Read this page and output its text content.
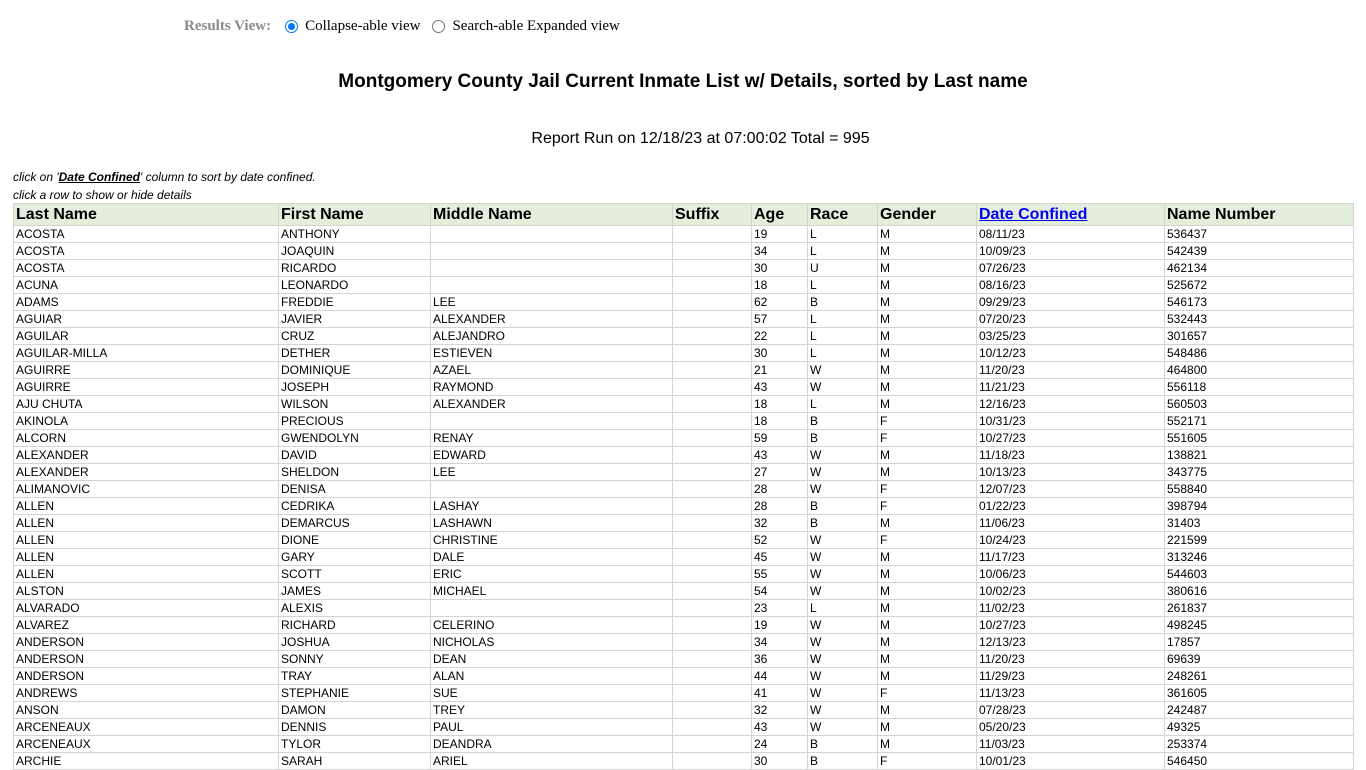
Results View: Collapse-able view Search-able Expanded view
Montgomery County Jail Current Inmate List w/ Details, sorted by Last name
Report Run on 12/18/23 at 07:00:02 Total = 995
click on 'Date Confined' column to sort by date confined.
click a row to show or hide details
Last Name	First Name	Middle Name	Suffix	Age	Race	Gender	Date Confined	Name Number
ACOSTA	ANTHONY			19	L	M	08/11/23	536437
ACOSTA	JOAQUIN			34	L	M	10/09/23	542439
ACOSTA	RICARDO			30	U	M	07/26/23	462134
ACUNA	LEONARDO			18	L	M	08/16/23	525672
ADAMS	FREDDIE	LEE		62	B	M	09/29/23	546173
AGUIAR	JAVIER	ALEXANDER		57	L	M	07/20/23	532443
AGUILAR	CRUZ	ALEJANDRO		22	L	M	03/25/23	301657
AGUILAR-MILLA	DETHER	ESTIEVEN		30	L	M	10/12/23	548486
AGUIRRE	DOMINIQUE	AZAEL		21	W	M	11/20/23	464800
AGUIRRE	JOSEPH	RAYMOND		43	W	M	11/21/23	556118
AJU CHUTA	WILSON	ALEXANDER		18	L	M	12/16/23	560503
AKINOLA	PRECIOUS			18	B	F	10/31/23	552171
ALCORN	GWENDOLYN	RENAY		59	B	F	10/27/23	551605
ALEXANDER	DAVID	EDWARD		43	W	M	11/18/23	138821
ALEXANDER	SHELDON	LEE		27	W	M	10/13/23	343775
ALIMANOVIC	DENISA			28	W	F	12/07/23	558840
ALLEN	CEDRIKA	LASHAY		28	B	F	01/22/23	398794
ALLEN	DEMARCUS	LASHAWN		32	B	M	11/06/23	31403
ALLEN	DIONE	CHRISTINE		52	W	F	10/24/23	221599
ALLEN	GARY	DALE		45	W	M	11/17/23	313246
ALLEN	SCOTT	ERIC		55	W	M	10/06/23	544603
ALSTON	JAMES	MICHAEL		54	W	M	10/02/23	380616
ALVARADO	ALEXIS			23	L	M	11/02/23	261837
ALVAREZ	RICHARD	CELERINO		19	W	M	10/27/23	498245
ANDERSON	JOSHUA	NICHOLAS		34	W	M	12/13/23	17857
ANDERSON	SONNY	DEAN		36	W	M	11/20/23	69639
ANDERSON	TRAY	ALAN		44	W	M	11/29/23	248261
ANDREWS	STEPHANIE	SUE		41	W	F	11/13/23	361605
ANSON	DAMON	TREY		32	W	M	07/28/23	242487
ARCENEAUX	DENNIS	PAUL		43	W	M	05/20/23	49325
ARCENEAUX	TYLOR	DEANDRA		24	B	M	11/03/23	253374
ARCHIE	SARAH	ARIEL		30	B	F	10/01/23	546450
